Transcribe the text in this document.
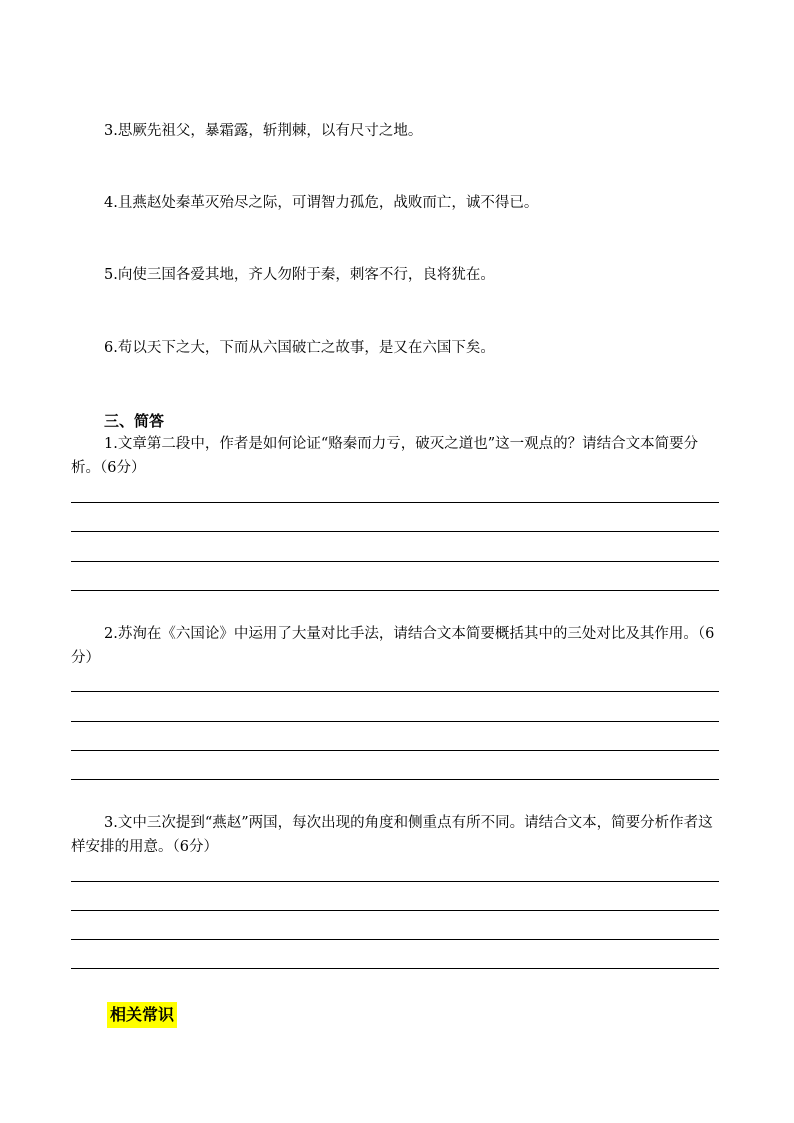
3.思厥先祖父，暴霜露，斩荆棘，以有尺寸之地。
4.且燕赵处秦革灭殆尽之际，可谓智力孤危，战败而亡，诚不得已。
5.向使三国各爱其地，齐人勿附于秦，刺客不行，良将犹在。
6.苟以天下之大，下而从六国破亡之故事，是又在六国下矣。
三、简答
1.文章第二段中，作者是如何论证“赂秦而力亏，破灭之道也”这一观点的？请结合文本简要分析。（6分）
2.苏洵在《六国论》中运用了大量对比手法，请结合文本简要概括其中的三处对比及其作用。（6分）
3.文中三次提到“燕赵”两国，每次出现的角度和侧重点有所不同。请结合文本，简要分析作者这样安排的用意。（6分）
相关常识
